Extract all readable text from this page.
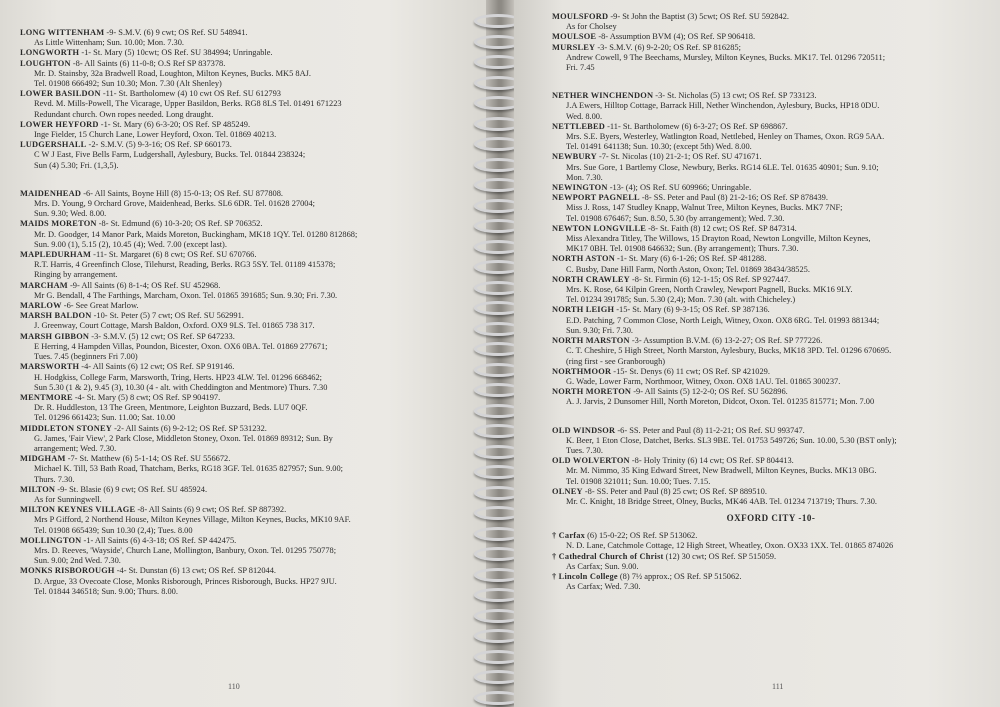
LONG WITTENHAM -9- S.M.V. (6) 9 cwt; OS Ref. SU 548941.
As Little Wittenham; Sun. 10.00; Mon. 7.30.
LONGWORTH -1- St. Mary (5) 10cwt; OS Ref. SU 384994; Unringable.
LOUGHTON -8- All Saints (6) 11-0-8; O.S Ref SP 837378.
Mr. D. Stainsby, 32a Bradwell Road, Loughton, Milton Keynes, Bucks. MK5 8AJ.
Tel. 01908 666492; Sun 10.30; Mon. 7.30 (Alt Shenley)
LOWER BASILDON -11- St. Bartholomew (4) 10 cwt OS Ref. SU 612793
Revd. M. Mills-Powell, The Vicarage, Upper Basildon, Berks. RG8 8LS Tel. 01491 671223
Redundant church. Own ropes needed. Long draught.
LOWER HEYFORD -1- St. Mary (6) 6-3-20; OS Ref. SP 485249.
Inge Fielder, 15 Church Lane, Lower Heyford, Oxon. Tel. 01869 40213.
LUDGERSHALL -2- S.M.V. (5) 9-3-16; OS Ref. SP 660173.
C W J East, Five Bells Farm, Ludgershall, Aylesbury, Bucks. Tel. 01844 238324;
Sun (4) 5.30; Fri. (1,3,5).
MAIDENHEAD -6- All Saints, Boyne Hill (8) 15-0-13; OS Ref. SU 877808.
Mrs. D. Young, 9 Orchard Grove, Maidenhead, Berks. SL6 6DR. Tel. 01628 27004;
Sun. 9.30; Wed. 8.00.
MAIDS MORETON -8- St. Edmund (6) 10-3-20; OS Ref. SP 706352.
Mr. D. Goodger, 14 Manor Park, Maids Moreton, Buckingham, MK18 1QY. Tel. 01280 812868;
Sun. 9.00 (1), 5.15 (2), 10.45 (4); Wed. 7.00 (except last).
MAPLEDURHAM -11- St. Margaret (6) 8 cwt; OS Ref. SU 670766.
R.T. Harris, 4 Greenfinch Close, Tilehurst, Reading, Berks. RG3 5SY. Tel. 01189 415378;
Ringing by arrangement.
MARCHAM -9- All Saints (6) 8-1-4; OS Ref. SU 452968.
Mr G. Bendall, 4 The Farthings, Marcham, Oxon. Tel. 01865 391685; Sun. 9.30; Fri. 7.30.
MARLOW -6- See Great Marlow.
MARSH BALDON -10- St. Peter (5) 7 cwt; OS Ref. SU 562991.
J. Greenway, Court Cottage, Marsh Baldon, Oxford. OX9 9LS. Tel. 01865 738 317.
MARSH GIBBON -3- S.M.V. (5) 12 cwt; OS Ref. SP 647233.
E Herring, 4 Hampden Villas, Poundon, Bicester, Oxon. OX6 0BA. Tel. 01869 277671;
Tues. 7.45 (beginners Fri 7.00)
MARSWORTH -4- All Saints (6) 12 cwt; OS Ref. SP 919146.
H. Hodgkiss, College Farm, Marsworth, Tring, Herts. HP23 4LW. Tel. 01296 668462;
Sun 5.30 (1 & 2), 9.45 (3), 10.30 (4 - alt. with Cheddington and Mentmore) Thurs. 7.30
MENTMORE -4- St. Mary (5) 8 cwt; OS Ref. SP 904197.
Dr. R. Huddleston, 13 The Green, Mentmore, Leighton Buzzard, Beds. LU7 0QF.
Tel. 01296 661423; Sun. 11.00; Sat. 10.00
MIDDLETON STONEY -2- All Saints (6) 9-2-12; OS Ref. SP 531232.
G. James, 'Fair View', 2 Park Close, Middleton Stoney, Oxon. Tel. 01869 89312; Sun. By
arrangement; Wed. 7.30.
MIDGHAM -7- St. Matthew (6) 5-1-14; OS Ref. SU 556672.
Michael K. Till, 53 Bath Road, Thatcham, Berks, RG18 3GF. Tel. 01635 827957; Sun. 9.00;
Thurs. 7.30.
MILTON -9- St. Blasie (6) 9 cwt; OS Ref. SU 485924.
As for Sunningwell.
MILTON KEYNES VILLAGE -8- All Saints (6) 9 cwt; OS Ref. SP 887392.
Mrs P Gifford, 2 Northend House, Milton Keynes Village, Milton Keynes, Bucks, MK10 9AF.
Tel. 01908 665439; Sun 10.30 (2,4); Tues. 8.00
MOLLINGTON -1- All Saints (6) 4-3-18; OS Ref. SP 442475.
Mrs. D. Reeves, 'Wayside', Church Lane, Mollington, Banbury, Oxon. Tel. 01295 750778;
Sun. 9.00; 2nd Wed. 7.30.
MONKS RISBOROUGH -4- St. Dunstan (6) 13 cwt; OS Ref. SP 812044.
D. Argue, 33 Ovecoate Close, Monks Risborough, Princes Risborough, Bucks. HP27 9JU.
Tel. 01844 346518; Sun. 9.00; Thurs. 8.00.
110
MOULSFORD -9- St John the Baptist (3) 5cwt; OS Ref. SU 592842.
As for Cholsey
MOULSOE -8- Assumption BVM (4); OS Ref. SP 906418.
MURSLEY -3- S.M.V. (6) 9-2-20; OS Ref. SP 816285;
Andrew Cowell, 9 The Beechams, Mursley, Milton Keynes, Bucks. MK17. Tel. 01296 720511;
Fri. 7.45
NETHER WINCHENDON -3- St. Nicholas (5) 13 cwt; OS Ref. SP 733123.
J.A Ewers, Hilltop Cottage, Barrack Hill, Nether Winchendon, Aylesbury, Bucks, HP18 0DU.
Wed. 8.00.
NETTLEBED -11- St. Bartholomew (6) 6-3-27; OS Ref. SP 698867.
Mrs. S.E. Byers, Westerley, Watlington Road, Nettlebed, Henley on Thames, Oxon. RG9 5AA.
Tel. 01491 641138; Sun. 10.30; (except 5th) Wed. 8.00.
NEWBURY -7- St. Nicolas (10) 21-2-1; OS Ref. SU 471671.
Mrs. Sue Gore, 1 Bartlemy Close, Newbury, Berks. RG14 6LE. Tel. 01635 40901; Sun. 9.10;
Mon. 7.30.
NEWINGTON -13- (4); OS Ref. SU 609966; Unringable.
NEWPORT PAGNELL -8- SS. Peter and Paul (8) 21-2-16; OS Ref. SP 878439.
Miss J. Ross, 147 Studley Knapp, Walnut Tree, Milton Keynes, Bucks. MK7 7NF;
Tel. 01908 676467; Sun. 8.50, 5.30 (by arrangement); Wed. 7.30.
NEWTON LONGVILLE -8- St. Faith (8) 12 cwt; OS Ref. SP 847314.
Miss Alexandra Titley, The Willows, 15 Drayton Road, Newton Longville, Milton Keynes,
MK17 0BH. Tel. 01908 646632; Sun. (By arrangement); Thurs. 7.30.
NORTH ASTON -1- St. Mary (6) 6-1-26; OS Ref. SP 481288.
C. Busby, Dane Hill Farm, North Aston, Oxon; Tel. 01869 38434/38525.
NORTH CRAWLEY -8- St. Firmin (6) 12-1-15; OS Ref. SP 927447.
Mrs. K. Rose, 64 Kilpin Green, North Crawley, Newport Pagnell, Bucks. MK16 9LY.
Tel. 01234 391785; Sun. 5.30 (2,4); Mon. 7.30 (alt. with Chicheley.)
NORTH LEIGH -15- St. Mary (6) 9-3-15; OS Ref. SP 387136.
E.D. Patching, 7 Common Close, North Leigh, Witney, Oxon. OX8 6RG. Tel. 01993 881344;
Sun. 9.30; Fri. 7.30.
NORTH MARSTON -3- Assumption B.V.M. (6) 13-2-27; OS Ref. SP 777226.
C. T. Cheshire, 5 High Street, North Marston, Aylesbury, Bucks, MK18 3PD. Tel. 01296 670695.
(ring first - see Granborough)
NORTHMOOR -15- St. Denys (6) 11 cwt; OS Ref. SP 421029.
G. Wade, Lower Farm, Northmoor, Witney, Oxon. OX8 1AU. Tel. 01865 300237.
NORTH MORETON -9- All Saints (5) 12-2-0; OS Ref. SU 562896.
A. J. Jarvis, 2 Dunsomer Hill, North Moreton, Didcot, Oxon. Tel. 01235 815771; Mon. 7.00
OLD WINDSOR -6- SS. Peter and Paul (8) 11-2-21; OS Ref. SU 993747.
K. Beer, 1 Eton Close, Datchet, Berks. SL3 9BE. Tel. 01753 549726; Sun. 10.00, 5.30 (BST only);
Tues. 7.30.
OLD WOLVERTON -8- Holy Trinity (6) 14 cwt; OS Ref. SP 804413.
Mr. M. Nimmo, 35 King Edward Street, New Bradwell, Milton Keynes, Bucks. MK13 0BG.
Tel. 01908 321011; Sun. 10.00; Tues. 7.15.
OLNEY -8- SS. Peter and Paul (8) 25 cwt; OS Ref. SP 889510.
Mr. C. Knight, 18 Bridge Street, Olney, Bucks, MK46 4AB. Tel. 01234 713719; Thurs. 7.30.
OXFORD CITY -10-
† Carfax (6) 15-0-22; OS Ref. SP 513062.
N. D. Lane, Catchmole Cottage, 12 High Street, Wheatley, Oxon. OX33 1XX. Tel. 01865 874026
† Cathedral Church of Christ (12) 30 cwt; OS Ref. SP 515059.
As Carfax; Sun. 9.00.
† Lincoln College (8) 7½ approx.; OS Ref. SP 515062.
As Carfax; Wed. 7.30.
111
